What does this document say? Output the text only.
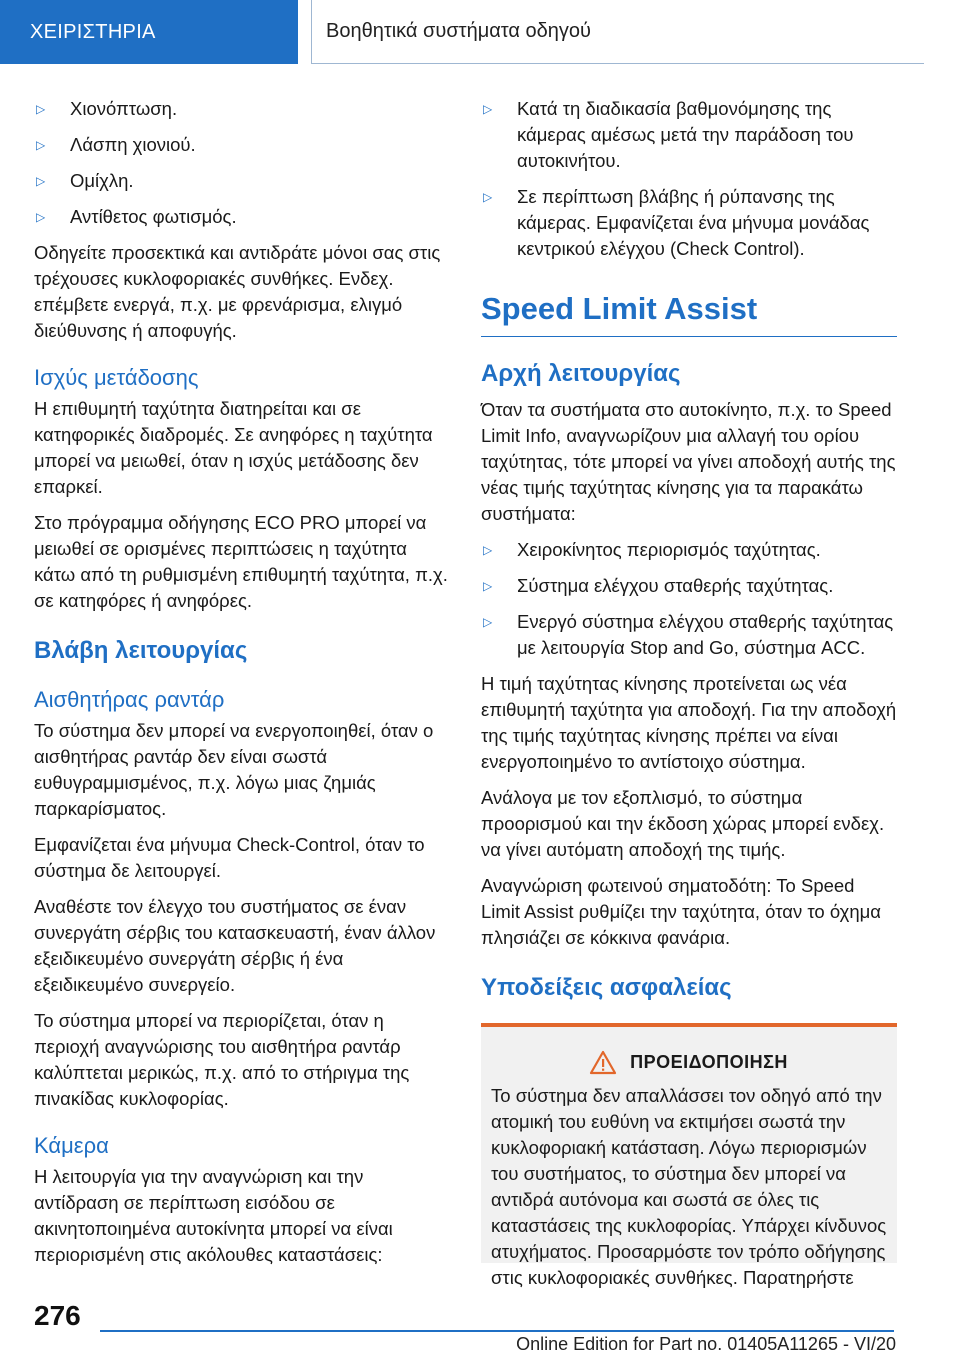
ΧΕΙΡΙΣΤΗΡΙΑ	Βοηθητικά συστήματα οδηγού
▷	Χιονόπτωση.
▷	Λάσπη χιονιού.
▷	Ομίχλη.
▷	Αντίθετος φωτισμός.

Οδηγείτε προσεκτικά και αντιδράτε μόνοι σας στις τρέχουσες κυκλοφοριακές συνθήκες. Ενδεχ. επέμβετε ενεργά, π.χ. με φρενάρισμα, ελιγμό διεύθυνσης ή αποφυγής.

Ισχύς μετάδοσης

Η επιθυμητή ταχύτητα διατηρείται και σε κατηφορικές διαδρομές. Σε ανηφόρες η ταχύτητα μπορεί να μειωθεί, όταν η ισχύς μετάδοσης δεν επαρκεί.

Στο πρόγραμμα οδήγησης ECO PRO μπορεί να μειωθεί σε ορισμένες περιπτώσεις η ταχύτητα κάτω από τη ρυθμισμένη επιθυμητή ταχύτητα, π.χ. σε κατηφόρες ή ανηφόρες.

Βλάβη λειτουργίας
Αισθητήρας ραντάρ

Το σύστημα δεν μπορεί να ενεργοποιηθεί, όταν ο αισθητήρας ραντάρ δεν είναι σωστά ευθυγραμμισμένος, π.χ. λόγω μιας ζημιάς παρκαρίσματος.

Εμφανίζεται ένα μήνυμα Check-Control, όταν το σύστημα δε λειτουργεί.

Αναθέστε τον έλεγχο του συστήματος σε έναν συνεργάτη σέρβις του κατασκευαστή, έναν άλλον εξειδικευμένο συνεργάτη σέρβις ή ένα εξειδικευμένο συνεργείο.

Το σύστημα μπορεί να περιορίζεται, όταν η περιοχή αναγνώρισης του αισθητήρα ραντάρ καλύπτεται μερικώς, π.χ. από το στήριγμα της πινακίδας κυκλοφορίας.

Κάμερα

Η λειτουργία για την αναγνώριση και την αντίδραση σε περίπτωση εισόδου σε ακινητοποιημένα αυτοκίνητα μπορεί να είναι περιορισμένη στις ακόλουθες καταστάσεις:

▷	Κατά τη διαδικασία βαθμονόμησης της κάμερας αμέσως μετά την παράδοση του αυτοκινήτου.
▷	Σε περίπτωση βλάβης ή ρύπανσης της κάμερας. Εμφανίζεται ένα μήνυμα μονάδας κεντρικού ελέγχου (Check Control).
Speed Limit Assist
Αρχή λειτουργίας

Όταν τα συστήματα στο αυτοκίνητο, π.χ. το Speed Limit Info, αναγνωρίζουν μια αλλαγή του ορίου ταχύτητας, τότε μπορεί να γίνει αποδοχή αυτής της νέας τιμής ταχύτητας κίνησης για τα παρακάτω συστήματα:

▷	Χειροκίνητος περιορισμός ταχύτητας.
▷	Σύστημα ελέγχου σταθερής ταχύτητας.
▷	Ενεργό σύστημα ελέγχου σταθερής ταχύτητας με λειτουργία Stop and Go, σύστημα ACC.

Η τιμή ταχύτητας κίνησης προτείνεται ως νέα επιθυμητή ταχύτητα για αποδοχή. Για την αποδοχή της τιμής ταχύτητας κίνησης πρέπει να είναι ενεργοποιημένο το αντίστοιχο σύστημα.

Ανάλογα με τον εξοπλισμό, το σύστημα προορισμού και την έκδοση χώρας μπορεί ενδεχ. να γίνει αυτόματη αποδοχή της τιμής.

Αναγνώριση φωτεινού σηματοδότη: Το Speed Limit Assist ρυθμίζει την ταχύτητα, όταν το όχημα πλησιάζει σε κόκκινα φανάρια.

Υποδείξεις ασφαλείας
ΠΡΟΕΙΔΟΠΟΙΗΣΗ

Το σύστημα δεν απαλλάσσει τον οδηγό από την ατομική του ευθύνη να εκτιμήσει σωστά την κυκλοφοριακή κατάσταση. Λόγω περιορισμών του συστήματος, το σύστημα δεν μπορεί να αντιδρά αυτόνομα και σωστά σε όλες τις καταστάσεις της κυκλοφορίας. Υπάρχει κίνδυνος ατυχήματος. Προσαρμόστε τον τρόπο οδήγησης στις κυκλοφοριακές συνθήκες. Παρατηρήστε

276
Online Edition for Part no. 01405A11265 - VI/20
